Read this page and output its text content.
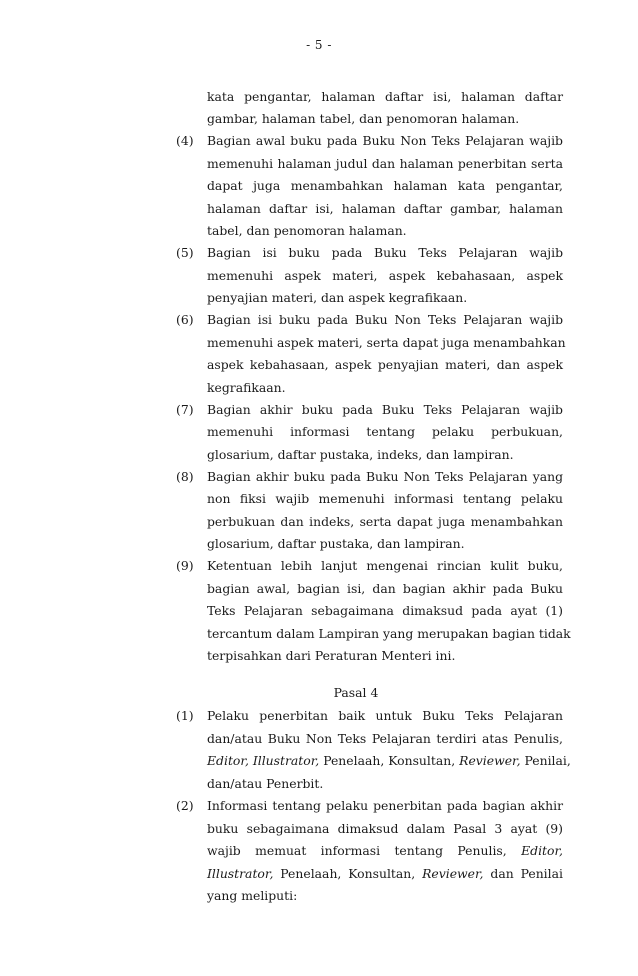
- 5 -
kata pengantar, halaman daftar isi, halaman daftar
gambar, halaman tabel, dan penomoran halaman.
(4) Bagian awal buku pada Buku Non Teks Pelajaran wajib
memenuhi halaman judul dan halaman penerbitan serta
dapat juga menambahkan halaman kata pengantar,
halaman daftar isi, halaman daftar gambar, halaman
tabel, dan penomoran halaman.
(5) Bagian isi buku pada Buku Teks Pelajaran wajib
memenuhi aspek materi, aspek kebahasaan, aspek
penyajian materi, dan aspek kegrafikaan.
(6) Bagian isi buku pada Buku Non Teks Pelajaran wajib
memenuhi aspek materi, serta dapat juga menambahkan
aspek kebahasaan, aspek penyajian materi, dan aspek
kegrafikaan.
(7) Bagian akhir buku pada Buku Teks Pelajaran wajib
memenuhi informasi tentang pelaku perbukuan,
glosarium, daftar pustaka, indeks, dan lampiran.
(8) Bagian akhir buku pada Buku Non Teks Pelajaran yang
non fiksi wajib memenuhi informasi tentang pelaku
perbukuan dan indeks, serta dapat juga menambahkan
glosarium, daftar pustaka, dan lampiran.
(9) Ketentuan lebih lanjut mengenai rincian kulit buku,
bagian awal, bagian isi, dan bagian akhir pada Buku
Teks Pelajaran sebagaimana dimaksud pada ayat (1)
tercantum dalam Lampiran yang merupakan bagian tidak
terpisahkan dari Peraturan Menteri ini.
Pasal 4
(1) Pelaku penerbitan baik untuk Buku Teks Pelajaran
dan/atau Buku Non Teks Pelajaran terdiri atas Penulis,
Editor, Illustrator, Penelaah, Konsultan, Reviewer, Penilai,
dan/atau Penerbit.
(2) Informasi tentang pelaku penerbitan pada bagian akhir
buku sebagaimana dimaksud dalam Pasal 3 ayat (9)
wajib memuat informasi tentang Penulis, Editor,
Illustrator, Penelaah, Konsultan, Reviewer, dan Penilai
yang meliputi:
